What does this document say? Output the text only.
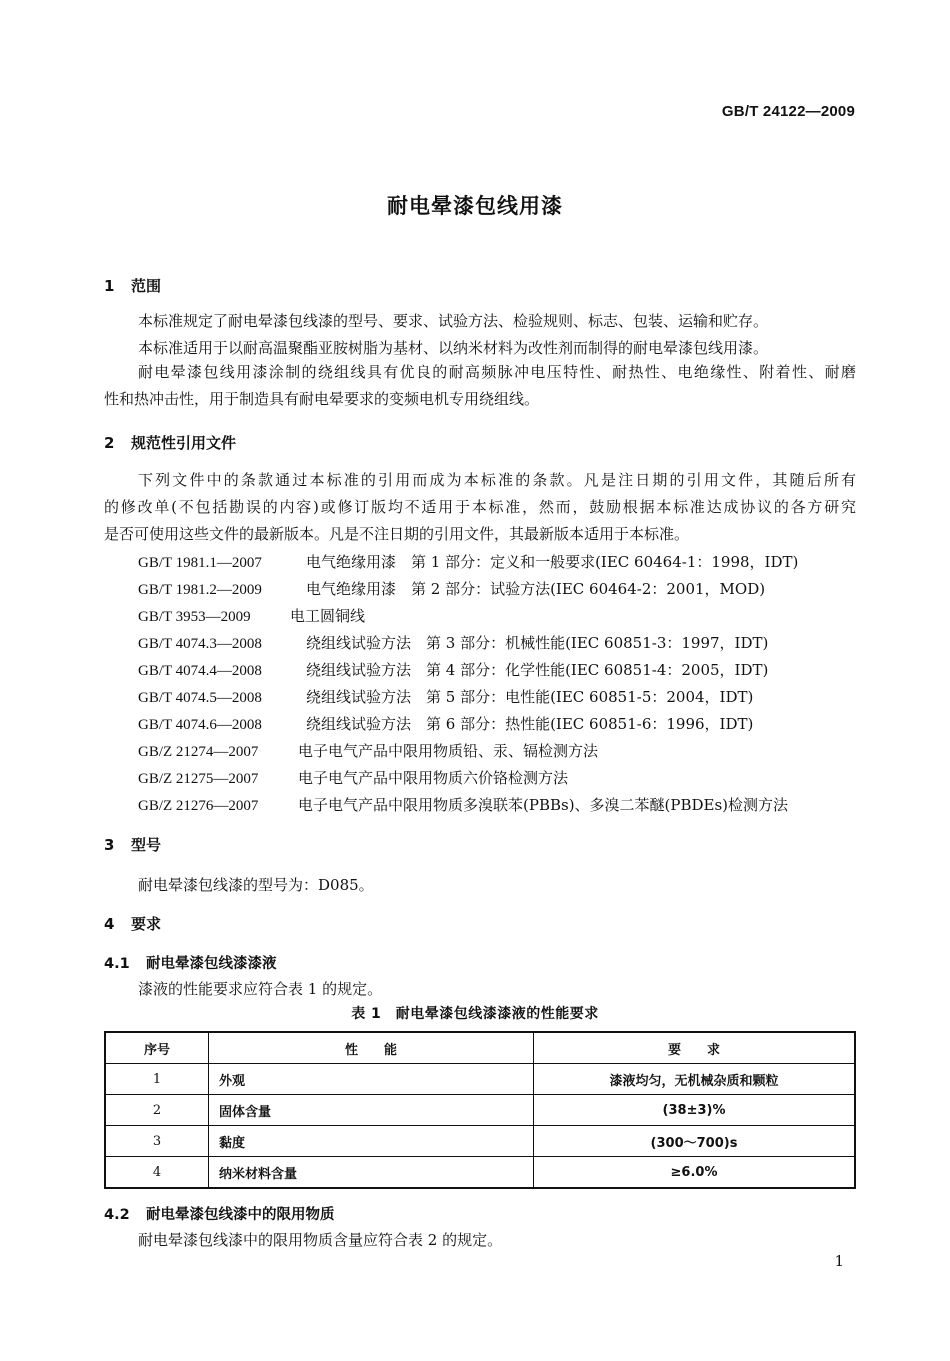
GB/T 24122—2009
耐电晕漆包线用漆
1 范围
本标准规定了耐电晕漆包线漆的型号、要求、试验方法、检验规则、标志、包装、运输和贮存。
本标准适用于以耐高温聚酯亚胺树脂为基材、以纳米材料为改性剂而制得的耐电晕漆包线用漆。
耐电晕漆包线用漆涂制的绕组线具有优良的耐高频脉冲电压特性、耐热性、电绝缘性、附着性、耐磨
性和热冲击性，用于制造具有耐电晕要求的变频电机专用绕组线。
2 规范性引用文件
下列文件中的条款通过本标准的引用而成为本标准的条款。凡是注日期的引用文件，其随后所有
的修改单(不包括勘误的内容)或修订版均不适用于本标准，然而，鼓励根据本标准达成协议的各方研究
是否可使用这些文件的最新版本。凡是不注日期的引用文件，其最新版本适用于本标准。
GB/T 1981.1—2007	电气绝缘用漆　第 1 部分：定义和一般要求(IEC 60464-1：1998，IDT)
GB/T 1981.2—2009	电气绝缘用漆　第 2 部分：试验方法(IEC 60464-2：2001，MOD)
GB/T 3953—2009	电工圆铜线
GB/T 4074.3—2008	绕组线试验方法　第 3 部分：机械性能(IEC 60851-3：1997，IDT)
GB/T 4074.4—2008	绕组线试验方法　第 4 部分：化学性能(IEC 60851-4：2005，IDT)
GB/T 4074.5—2008	绕组线试验方法　第 5 部分：电性能(IEC 60851-5：2004，IDT)
GB/T 4074.6—2008	绕组线试验方法　第 6 部分：热性能(IEC 60851-6：1996，IDT)
GB/Z 21274—2007	电子电气产品中限用物质铅、汞、镉检测方法
GB/Z 21275—2007	电子电气产品中限用物质六价铬检测方法
GB/Z 21276—2007	电子电气产品中限用物质多溴联苯(PBBs)、多溴二苯醚(PBDEs)检测方法
3 型号
耐电晕漆包线漆的型号为：D085。
4 要求
4.1 耐电晕漆包线漆漆液
漆液的性能要求应符合表 1 的规定。
表 1　耐电晕漆包线漆漆液的性能要求
序号	性　　能	要　　求
1	外观	漆液均匀，无机械杂质和颗粒
2	固体含量	(38±3)%
3	黏度	(300～700)s
4	纳米材料含量	≥6.0%
4.2 耐电晕漆包线漆中的限用物质
耐电晕漆包线漆中的限用物质含量应符合表 2 的规定。
1
